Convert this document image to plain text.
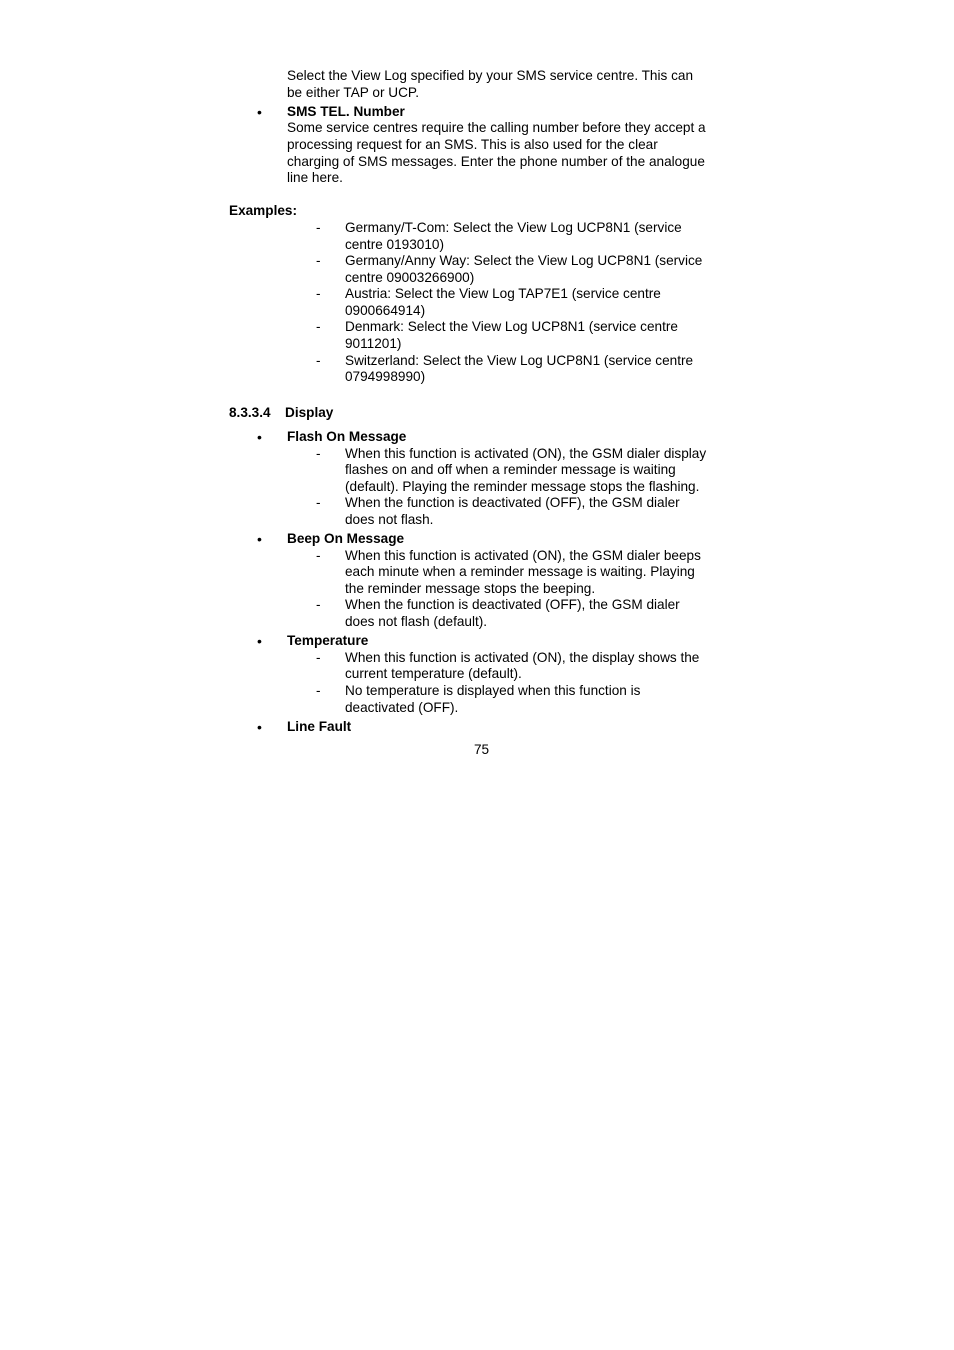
Select the View Log specified by your SMS service centre. This can
be either TAP or UCP.
• SMS TEL. Number
Some service centres require the calling number before they accept a
processing request for an SMS. This is also used for the clear
charging of SMS messages. Enter the phone number of the analogue
line here.
Examples:
- Germany/T-Com: Select the View Log UCP8N1 (service
centre 0193010)
- Germany/Anny Way: Select the View Log UCP8N1 (service
centre 09003266900)
- Austria: Select the View Log TAP7E1 (service centre
0900664914)
- Denmark: Select the View Log UCP8N1 (service centre
9011201)
- Switzerland: Select the View Log UCP8N1 (service centre
0794998990)
8.3.3.4 Display
• Flash On Message
- When this function is activated (ON), the GSM dialer display
flashes on and off when a reminder message is waiting
(default). Playing the reminder message stops the flashing.
- When the function is deactivated (OFF), the GSM dialer
does not flash.
• Beep On Message
- When this function is activated (ON), the GSM dialer beeps
each minute when a reminder message is waiting. Playing
the reminder message stops the beeping.
- When the function is deactivated (OFF), the GSM dialer
does not flash (default).
• Temperature
- When this function is activated (ON), the display shows the
current temperature (default).
- No temperature is displayed when this function is
deactivated (OFF).
• Line Fault
75
